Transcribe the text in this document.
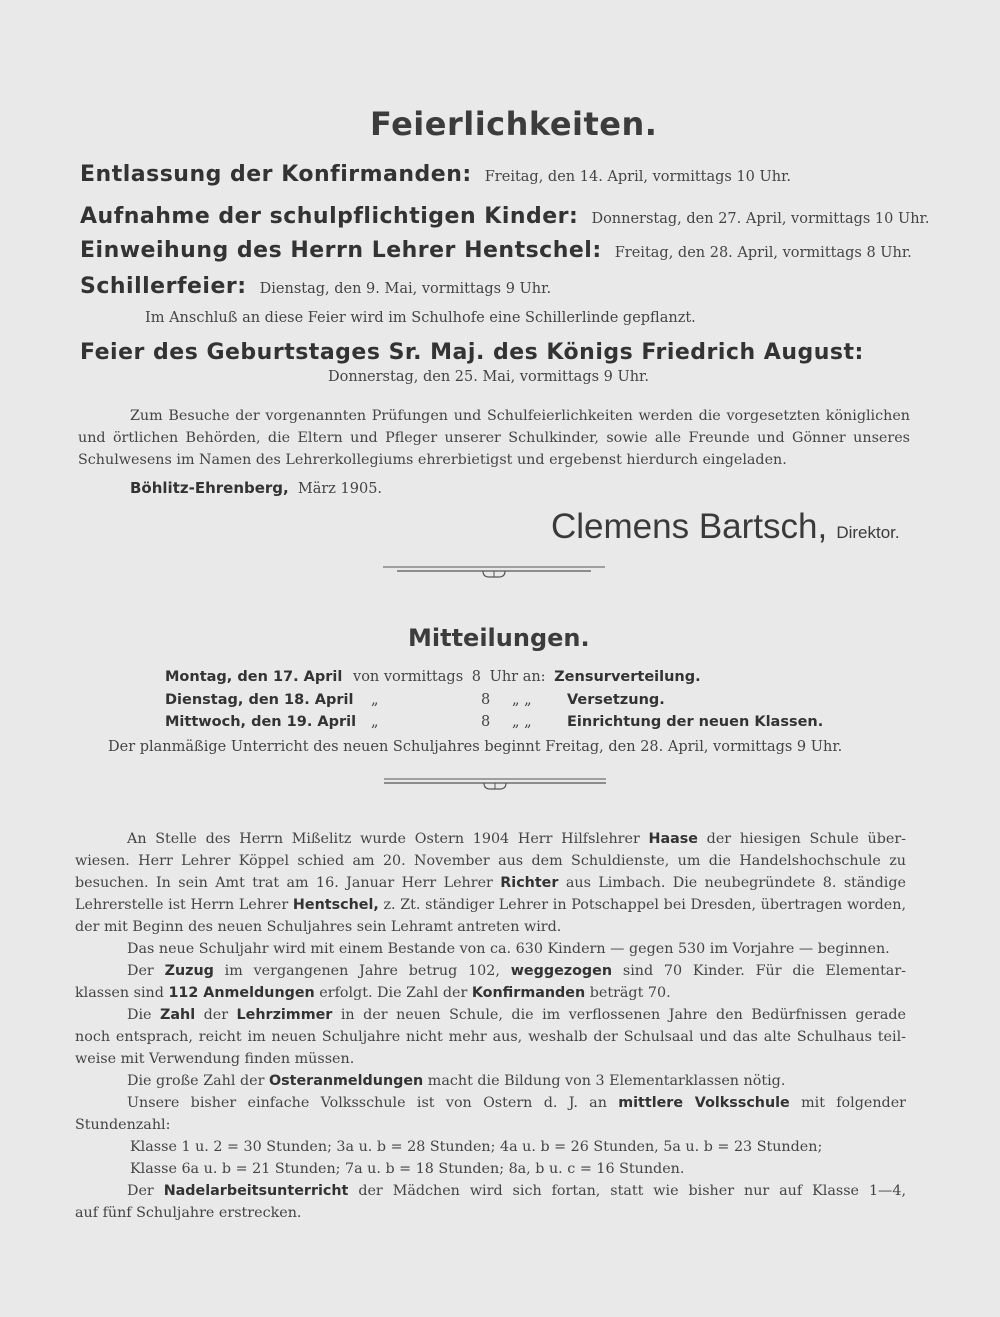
Feierlichkeiten.
Entlassung der Konfirmanden: Freitag, den 14. April, vormittags 10 Uhr.
Aufnahme der schulpflichtigen Kinder: Donnerstag, den 27. April, vormittags 10 Uhr.
Einweihung des Herrn Lehrer Hentschel: Freitag, den 28. April, vormittags 8 Uhr.
Schillerfeier: Dienstag, den 9. Mai, vormittags 9 Uhr.
Im Anschluß an diese Feier wird im Schulhofe eine Schillerlinde gepflanzt.
Feier des Geburtstages Sr. Maj. des Königs Friedrich August:
Donnerstag, den 25. Mai, vormittags 9 Uhr.
Zum Besuche der vorgenannten Prüfungen und Schulfeierlichkeiten werden die vorgesetzten königlichen
und örtlichen Behörden, die Eltern und Pfleger unserer Schulkinder, sowie alle Freunde und Gönner unseres
Schulwesens im Namen des Lehrerkollegiums ehrerbietigst und ergebenst hierdurch eingeladen.
Böhlitz-Ehrenberg, März 1905.
Clemens Bartsch, Direktor.
Mitteilungen.
Montag, den 17. April von vormittags 8 Uhr an: Zensurverteilung.
Dienstag, den 18. April „	8 „ „ Versetzung.
Mittwoch, den 19. April „	8 „ „ Einrichtung der neuen Klassen.
Der planmäßige Unterricht des neuen Schuljahres beginnt Freitag, den 28. April, vormittags 9 Uhr.
An Stelle des Herrn Mißelitz wurde Ostern 1904 Herr Hilfslehrer Haase der hiesigen Schule über-
wiesen. Herr Lehrer Köppel schied am 20. November aus dem Schuldienste, um die Handelshochschule zu
besuchen. In sein Amt trat am 16. Januar Herr Lehrer Richter aus Limbach. Die neubegründete 8. ständige
Lehrerstelle ist Herrn Lehrer Hentschel, z. Zt. ständiger Lehrer in Potschappel bei Dresden, übertragen worden,
der mit Beginn des neuen Schuljahres sein Lehramt antreten wird.
Das neue Schuljahr wird mit einem Bestande von ca. 630 Kindern — gegen 530 im Vorjahre — beginnen.
Der Zuzug im vergangenen Jahre betrug 102, weggezogen sind 70 Kinder. Für die Elementar-
klassen sind 112 Anmeldungen erfolgt. Die Zahl der Konfirmanden beträgt 70.
Die Zahl der Lehrzimmer in der neuen Schule, die im verflossenen Jahre den Bedürfnissen gerade
noch entsprach, reicht im neuen Schuljahre nicht mehr aus, weshalb der Schulsaal und das alte Schulhaus teil-
weise mit Verwendung finden müssen.
Die große Zahl der Osteranmeldungen macht die Bildung von 3 Elementarklassen nötig.
Unsere bisher einfache Volksschule ist von Ostern d. J. an mittlere Volksschule mit folgender
Stundenzahl:
Klasse 1 u. 2 = 30 Stunden; 3a u. b = 28 Stunden; 4a u. b = 26 Stunden, 5a u. b = 23 Stunden;
Klasse 6a u. b = 21 Stunden; 7a u. b = 18 Stunden; 8a, b u. c = 16 Stunden.
Der Nadelarbeitsunterricht der Mädchen wird sich fortan, statt wie bisher nur auf Klasse 1—4,
auf fünf Schuljahre erstrecken.
